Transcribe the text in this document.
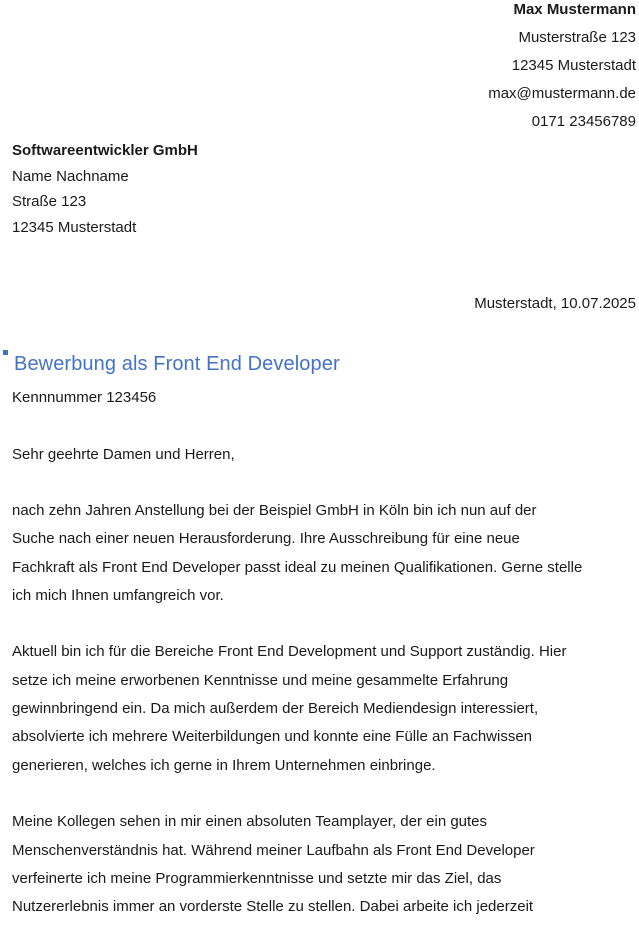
Max Mustermann
Musterstraße 123
12345 Musterstadt
max@mustermann.de
0171 23456789
Softwareentwickler GmbH
Name Nachname
Straße 123
12345 Musterstadt
Musterstadt, 10.07.2025
Bewerbung als Front End Developer
Kennnummer 123456
Sehr geehrte Damen und Herren,

nach zehn Jahren Anstellung bei der Beispiel GmbH in Köln bin ich nun auf der
Suche nach einer neuen Herausforderung. Ihre Ausschreibung für eine neue
Fachkraft als Front End Developer passt ideal zu meinen Qualifikationen. Gerne stelle
ich mich Ihnen umfangreich vor.

Aktuell bin ich für die Bereiche Front End Development und Support zuständig. Hier
setze ich meine erworbenen Kenntnisse und meine gesammelte Erfahrung
gewinnbringend ein. Da mich außerdem der Bereich Mediendesign interessiert,
absolvierte ich mehrere Weiterbildungen und konnte eine Fülle an Fachwissen
generieren, welches ich gerne in Ihrem Unternehmen einbringe.

Meine Kollegen sehen in mir einen absoluten Teamplayer, der ein gutes
Menschenverständnis hat. Während meiner Laufbahn als Front End Developer
verfeinerte ich meine Programmierkenntnisse und setzte mir das Ziel, das
Nutzererlebnis immer an vorderste Stelle zu stellen. Dabei arbeite ich jederzeit
